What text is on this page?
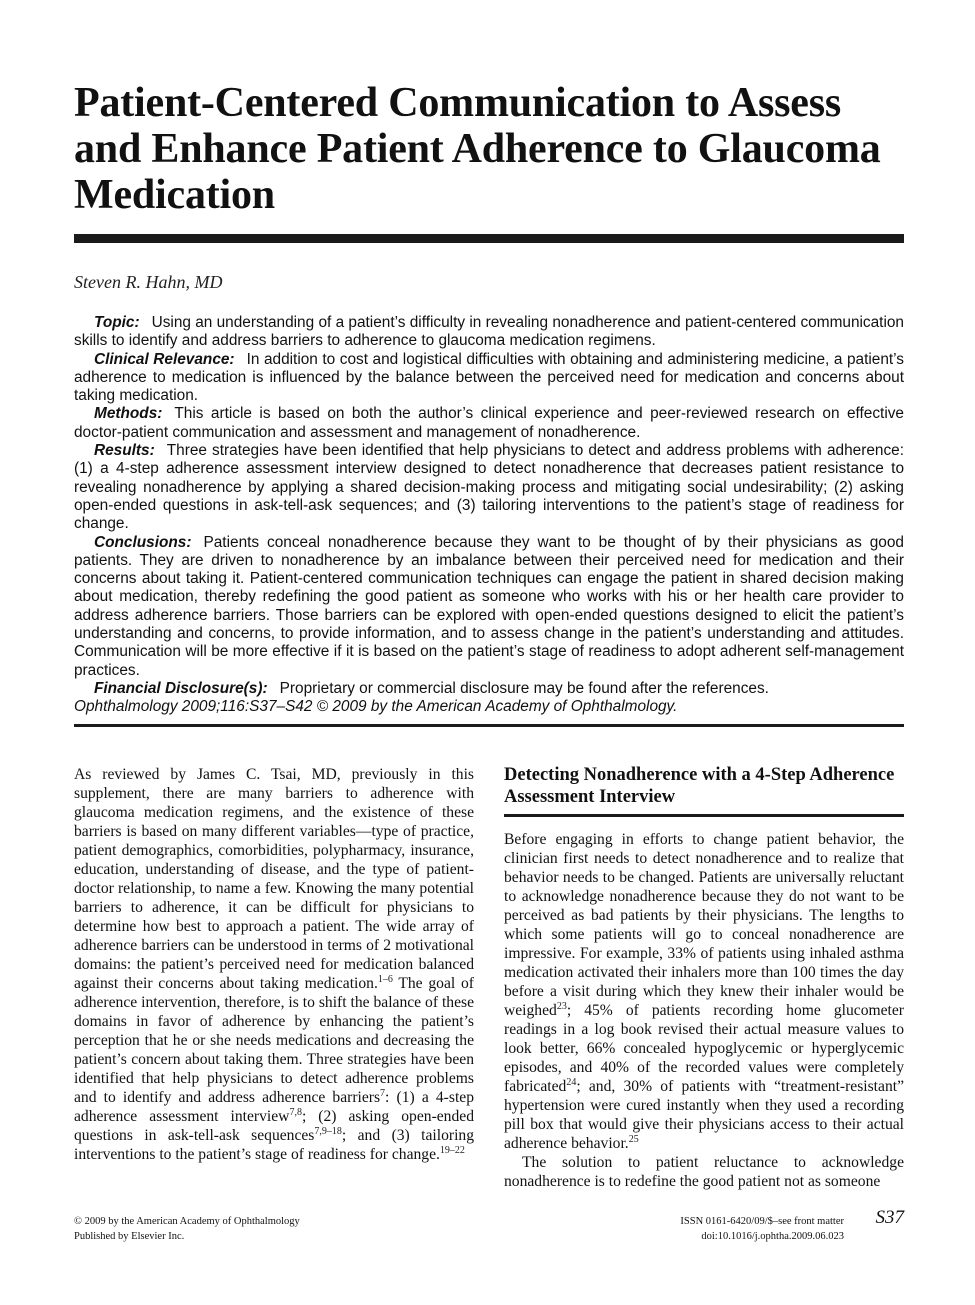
Patient-Centered Communication to Assess and Enhance Patient Adherence to Glaucoma Medication
Steven R. Hahn, MD

Topic: Using an understanding of a patient’s difficulty in revealing nonadherence and patient-centered communication skills to identify and address barriers to adherence to glaucoma medication regimens.

Clinical Relevance: In addition to cost and logistical difficulties with obtaining and administering medicine, a patient’s adherence to medication is influenced by the balance between the perceived need for medication and concerns about taking medication.

Methods: This article is based on both the author’s clinical experience and peer-reviewed research on effective doctor-patient communication and assessment and management of nonadherence.

Results: Three strategies have been identified that help physicians to detect and address problems with adherence: (1) a 4-step adherence assessment interview designed to detect nonadherence that decreases patient resistance to revealing nonadherence by applying a shared decision-making process and mitigating social undesirability; (2) asking open-ended questions in ask-tell-ask sequences; and (3) tailoring interventions to the patient’s stage of readiness for change.

Conclusions: Patients conceal nonadherence because they want to be thought of by their physicians as good patients. They are driven to nonadherence by an imbalance between their perceived need for medication and their concerns about taking it. Patient-centered communication techniques can engage the patient in shared decision making about medication, thereby redefining the good patient as someone who works with his or her health care provider to address adherence barriers. Those barriers can be explored with open-ended questions designed to elicit the patient’s understanding and concerns, to provide information, and to assess change in the patient’s understanding and attitudes. Communication will be more effective if it is based on the patient’s stage of readiness to adopt adherent self-management practices.

Financial Disclosure(s): Proprietary or commercial disclosure may be found after the references.
Ophthalmology 2009;116:S37–S42 © 2009 by the American Academy of Ophthalmology.

As reviewed by James C. Tsai, MD, previously in this supplement, there are many barriers to adherence with glaucoma medication regimens, and the existence of these barriers is based on many different variables—type of practice, patient demographics, comorbidities, polypharmacy, insurance, education, understanding of disease, and the type of patient-doctor relationship, to name a few. Knowing the many potential barriers to adherence, it can be difficult for physicians to determine how best to approach a patient. The wide array of adherence barriers can be understood in terms of 2 motivational domains: the patient’s perceived need for medication balanced against their concerns about taking medication.$^{1-6}$ The goal of adherence intervention, therefore, is to shift the balance of these domains in favor of adherence by enhancing the patient’s perception that he or she needs medications and decreasing the patient’s concern about taking them. Three strategies have been identified that help physicians to detect adherence problems and to identify and address adherence barriers$^7$: (1) a 4-step adherence assessment interview$^{7,8}$; (2) asking open-ended questions in ask-tell-ask sequences$^{7,9-18}$; and (3) tailoring interventions to the patient’s stage of readiness for change.$^{19-22}$

Detecting Nonadherence with a 4-Step Adherence Assessment Interview

Before engaging in efforts to change patient behavior, the clinician first needs to detect nonadherence and to realize that behavior needs to be changed. Patients are universally reluctant to acknowledge nonadherence because they do not want to be perceived as bad patients by their physicians. The lengths to which some patients will go to conceal nonadherence are impressive. For example, 33% of patients using inhaled asthma medication activated their inhalers more than 100 times the day before a visit during which they knew their inhaler would be weighed$^{23}$; 45% of patients recording home glucometer readings in a log book revised their actual measure values to look better, 66% concealed hypoglycemic or hyperglycemic episodes, and 40% of the recorded values were completely fabricated$^{24}$; and, 30% of patients with “treatment-resistant” hypertension were cured instantly when they used a recording pill box that would give their physicians access to their actual adherence behavior.$^{25}$

The solution to patient reluctance to acknowledge nonadherence is to redefine the good patient not as someone

© 2009 by the American Academy of Ophthalmology
Published by Elsevier Inc.
ISSN 0161-6420/09/$–see front matter
doi:10.1016/j.ophtha.2009.06.023
S37
